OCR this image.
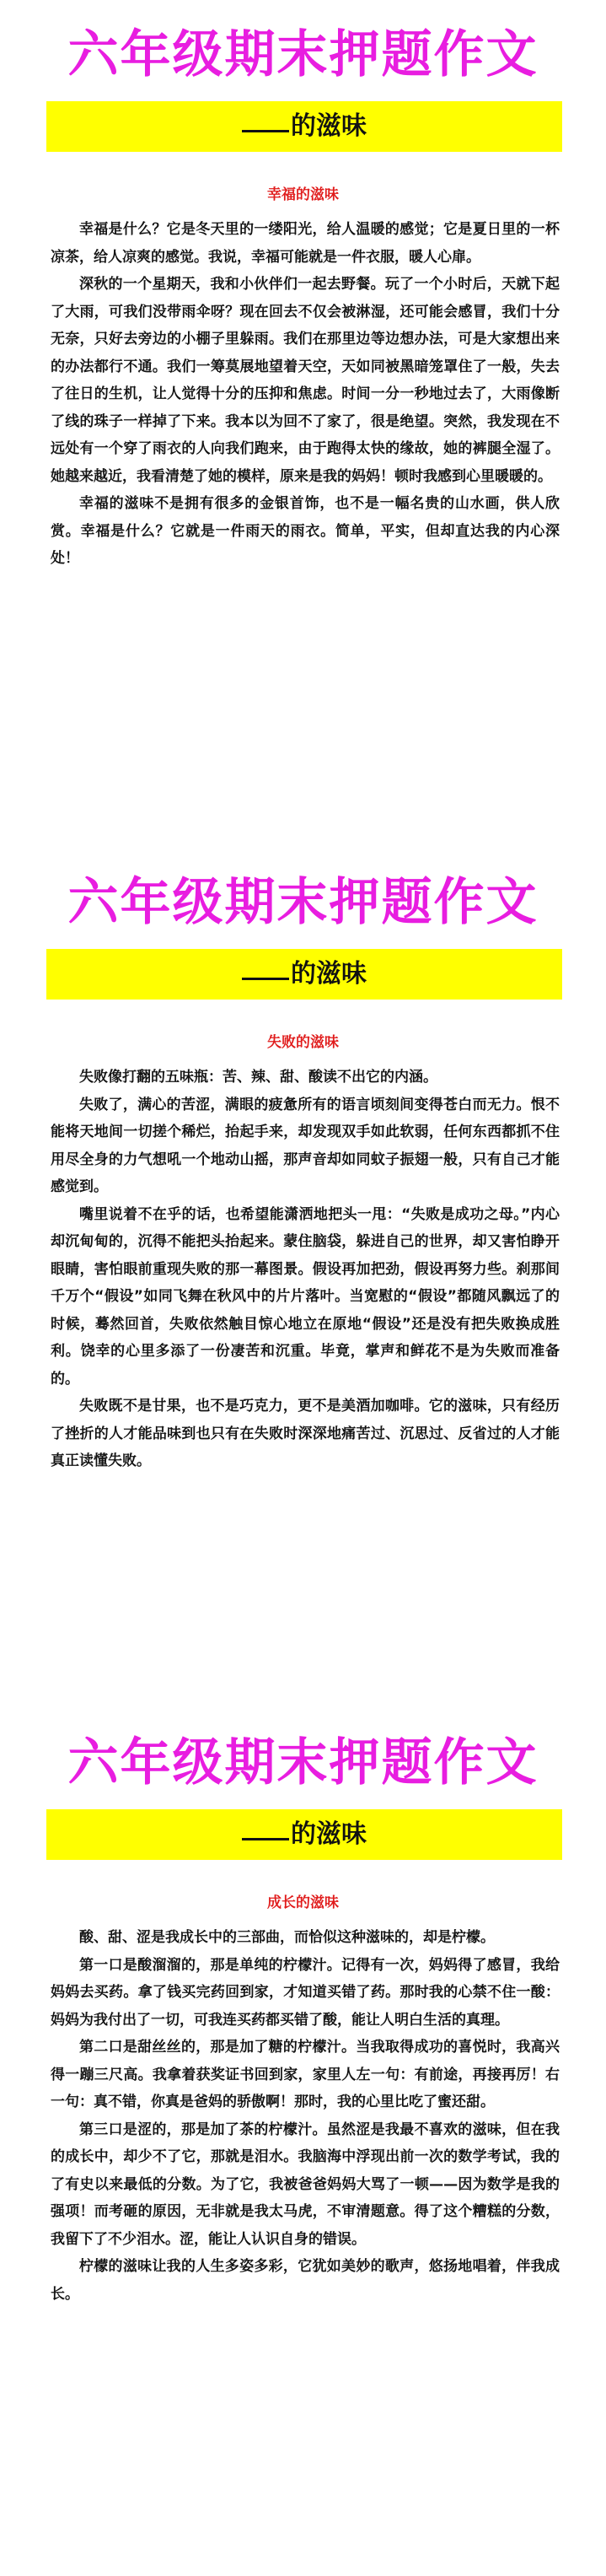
六年级期末押题作文
的滋味
幸福的滋味

幸福是什么？它是冬天里的一缕阳光，给人温暖的感觉；它是夏日里的一杯凉茶，给人凉爽的感觉。我说，幸福可能就是一件衣服，暖人心扉。

深秋的一个星期天，我和小伙伴们一起去野餐。玩了一个小时后，天就下起了大雨，可我们没带雨伞呀？现在回去不仅会被淋湿，还可能会感冒，我们十分无奈，只好去旁边的小棚子里躲雨。我们在那里边等边想办法，可是大家想出来的办法都行不通。我们一筹莫展地望着天空，天如同被黑暗笼罩住了一般，失去了往日的生机，让人觉得十分的压抑和焦虑。时间一分一秒地过去了，大雨像断了线的珠子一样掉了下来。我本以为回不了家了，很是绝望。突然，我发现在不远处有一个穿了雨衣的人向我们跑来，由于跑得太快的缘故，她的裤腿全湿了。她越来越近，我看清楚了她的模样，原来是我的妈妈！顿时我感到心里暖暖的。

幸福的滋味不是拥有很多的金银首饰，也不是一幅名贵的山水画，供人欣赏。幸福是什么？它就是一件雨天的雨衣。简单，平实，但却直达我的内心深处！

六年级期末押题作文
的滋味
失败的滋味

失败像打翻的五味瓶：苦、辣、甜、酸读不出它的内涵。

失败了，满心的苦涩，满眼的疲惫所有的语言顷刻间变得苍白而无力。恨不能将天地间一切搓个稀烂，抬起手来，却发现双手如此软弱，任何东西都抓不住用尽全身的力气想吼一个地动山摇，那声音却如同蚊子振翅一般，只有自己才能感觉到。

嘴里说着不在乎的话，也希望能潇洒地把头一甩：“失败是成功之母。”内心却沉甸甸的，沉得不能把头抬起来。蒙住脑袋，躲进自己的世界，却又害怕睁开眼睛，害怕眼前重现失败的那一幕图景。假设再加把劲，假设再努力些。刹那间千万个“假设”如同飞舞在秋风中的片片落叶。当宽慰的“假设”都随风飘远了的时候，蓦然回首，失败依然触目惊心地立在原地“假设”还是没有把失败换成胜利。饶幸的心里多添了一份凄苦和沉重。毕竟，掌声和鲜花不是为失败而准备的。

失败既不是甘果，也不是巧克力，更不是美酒加咖啡。它的滋味，只有经历了挫折的人才能品味到也只有在失败时深深地痛苦过、沉思过、反省过的人才能真正读懂失败。

六年级期末押题作文
的滋味
成长的滋味

酸、甜、涩是我成长中的三部曲，而恰似这种滋味的，却是柠檬。

第一口是酸溜溜的，那是单纯的柠檬汁。记得有一次，妈妈得了感冒，我给妈妈去买药。拿了钱买完药回到家，才知道买错了药。那时我的心禁不住一酸：妈妈为我付出了一切，可我连买药都买错了酸，能让人明白生活的真理。

第二口是甜丝丝的，那是加了糖的柠檬汁。当我取得成功的喜悦时，我高兴得一蹦三尺高。我拿着获奖证书回到家，家里人左一句：有前途，再接再厉！右一句：真不错，你真是爸妈的骄傲啊！那时，我的心里比吃了蜜还甜。

第三口是涩的，那是加了茶的柠檬汁。虽然涩是我最不喜欢的滋味，但在我的成长中，却少不了它，那就是泪水。我脑海中浮现出前一次的数学考试，我的了有史以来最低的分数。为了它，我被爸爸妈妈大骂了一顿——因为数学是我的强项！而考砸的原因，无非就是我太马虎，不审清题意。得了这个糟糕的分数，我留下了不少泪水。涩，能让人认识自身的错误。

柠檬的滋味让我的人生多姿多彩，它犹如美妙的歌声，悠扬地唱着，伴我成长。
